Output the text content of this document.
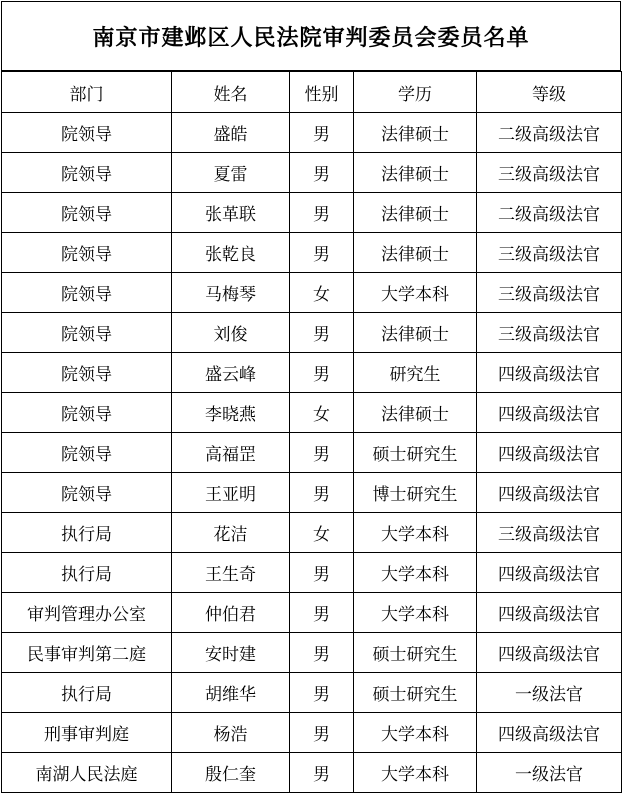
南京市建邺区人民法院审判委员会委员名单
部门	姓名	性别	学历	等级
院领导	盛皓	男	法律硕士	二级高级法官
院领导	夏雷	男	法律硕士	三级高级法官
院领导	张革联	男	法律硕士	二级高级法官
院领导	张乾良	男	法律硕士	三级高级法官
院领导	马梅琴	女	大学本科	三级高级法官
院领导	刘俊	男	法律硕士	三级高级法官
院领导	盛云峰	男	研究生	四级高级法官
院领导	李晓燕	女	法律硕士	四级高级法官
院领导	高福罡	男	硕士研究生	四级高级法官
院领导	王亚明	男	博士研究生	四级高级法官
执行局	花洁	女	大学本科	三级高级法官
执行局	王生奇	男	大学本科	四级高级法官
审判管理办公室	仲伯君	男	大学本科	四级高级法官
民事审判第二庭	安时建	男	硕士研究生	四级高级法官
执行局	胡维华	男	硕士研究生	一级法官
刑事审判庭	杨浩	男	大学本科	四级高级法官
南湖人民法庭	殷仁奎	男	大学本科	一级法官
